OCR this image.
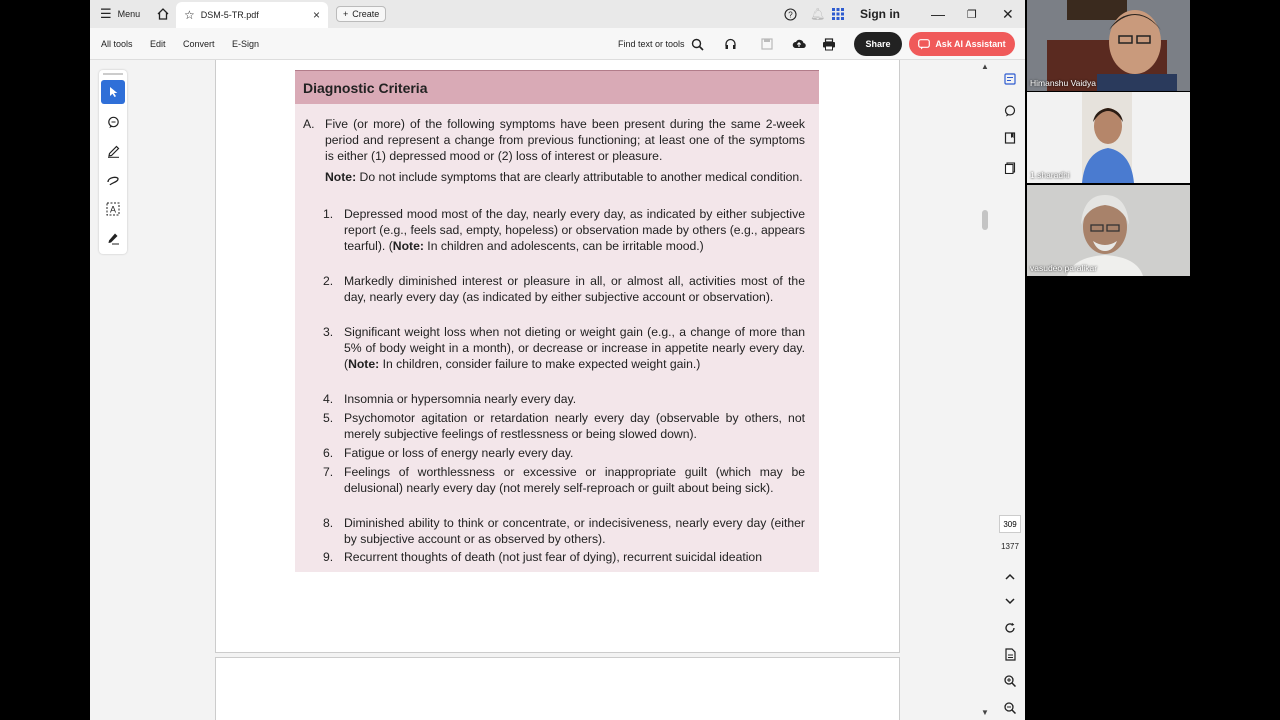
☰ Menu	☆ DSM-5-TR.pdf	×	+ Create	? 🔔︎	Sign in — ❐ ✕
All tools Edit Convert E-Sign	Find text or tools	Share	Ask AI Assistant
A
Diagnostic Criteria
A. Five (or more) of the following symptoms have been present during the same 2-week period and represent a change from previous functioning; at least one of the symptoms is either (1) depressed mood or (2) loss of interest or pleasure.
Note: Do not include symptoms that are clearly attributable to another medical condition.
1. Depressed mood most of the day, nearly every day, as indicated by either subjective report (e.g., feels sad, empty, hopeless) or observation made by others (e.g., appears tearful). (Note: In children and adolescents, can be irritable mood.)
2. Markedly diminished interest or pleasure in all, or almost all, activities most of the day, nearly every day (as indicated by either subjective account or observation).
3. Significant weight loss when not dieting or weight gain (e.g., a change of more than 5% of body weight in a month), or decrease or increase in appetite nearly every day. (Note: In children, consider failure to make expected weight gain.)
4. Insomnia or hypersomnia nearly every day.
5. Psychomotor agitation or retardation nearly every day (observable by others, not merely subjective feelings of restlessness or being slowed down).
6. Fatigue or loss of energy nearly every day.
7. Feelings of worthlessness or excessive or inappropriate guilt (which may be delusional) nearly every day (not merely self-reproach or guilt about being sick).
8. Diminished ability to think or concentrate, or indecisiveness, nearly every day (either by subjective account or as observed by others).
9. Recurrent thoughts of death (not just fear of dying), recurrent suicidal ideation
▲
▼
309
1377
Himanshu Vaidya
1.sharadhi
vasudeo paralikar
